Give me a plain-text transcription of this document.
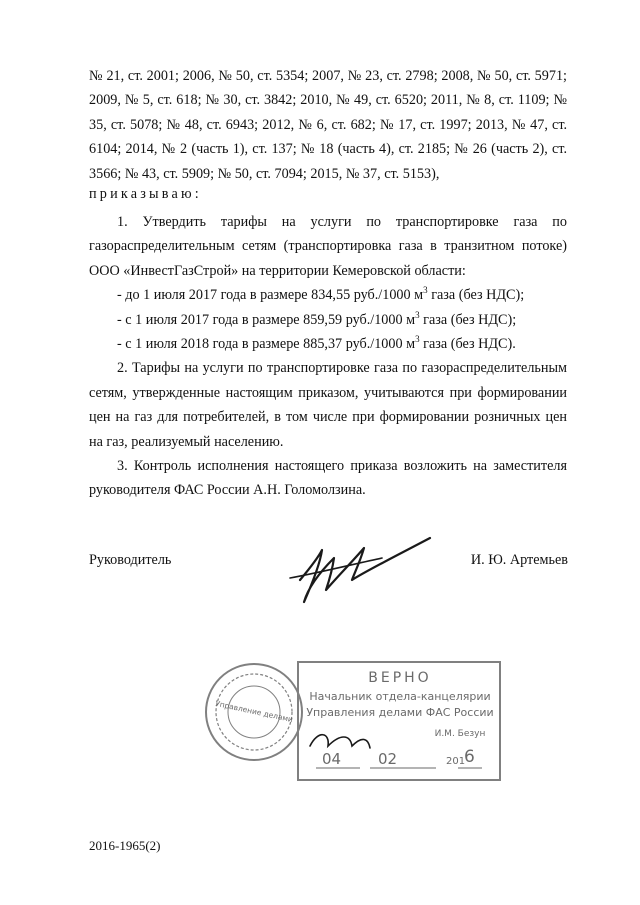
№ 21, ст. 2001; 2006, № 50, ст. 5354; 2007, № 23, ст. 2798; 2008, № 50, ст. 5971; 2009, № 5, ст. 618; № 30, ст. 3842; 2010, № 49, ст. 6520; 2011, № 8, ст. 1109; № 35, ст. 5078; № 48, ст. 6943; 2012, № 6, ст. 682; № 17, ст. 1997; 2013, № 47, ст. 6104; 2014, № 2 (часть 1), ст. 137; № 18 (часть 4), ст. 2185; № 26 (часть 2), ст. 3566; № 43, ст. 5909; № 50, ст. 7094; 2015, № 37, ст. 5153),

приказываю:

1. Утвердить тарифы на услуги по транспортировке газа по газораспределительным сетям (транспортировка газа в транзитном потоке) ООО «ИнвестГазСтрой» на территории Кемеровской области:

- до 1 июля 2017 года в размере 834,55 руб./1000 $м^3$ газа (без НДС);

- с 1 июля 2017 года в размере 859,59 руб./1000 $м^3$ газа (без НДС);

- с 1 июля 2018 года в размере 885,37 руб./1000 $м^3$ газа (без НДС).

2. Тарифы на услуги по транспортировке газа по газораспределительным сетям, утвержденные настоящим приказом, учитываются при формировании цен на газ для потребителей, в том числе при формировании розничных цен на газ, реализуемый населению.

3. Контроль исполнения настоящего приказа возложить на заместителя руководителя ФАС России А.Н. Голомолзина.

Руководитель	И. Ю. Артемьев
Управление делами
ВЕРНО
Начальник отдела-канцелярии
Управления делами ФАС России
И.М. Безун
04 02	201
6
2016-1965(2)
